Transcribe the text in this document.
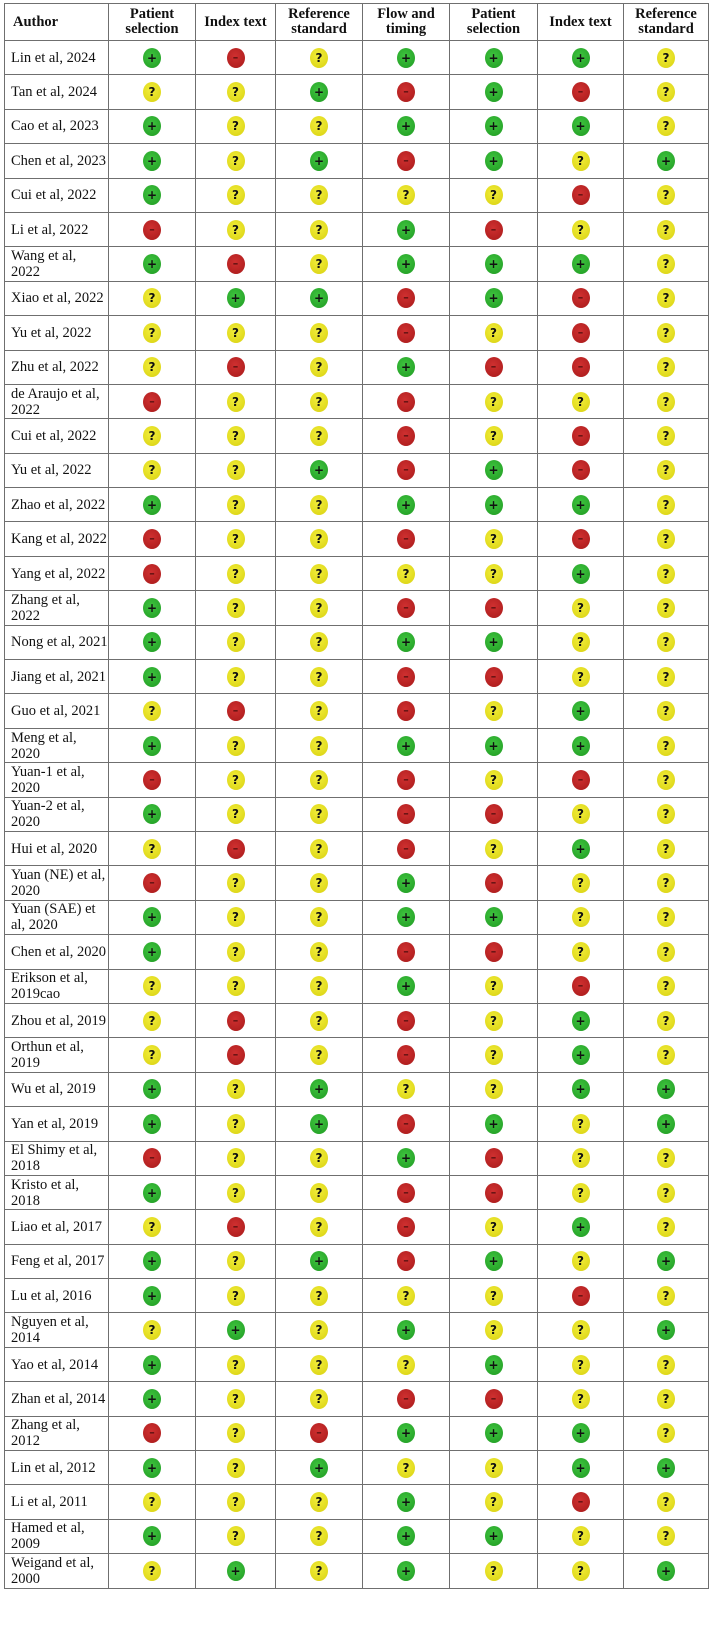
Author	Patient selection	Index text	Reference standard	Flow and timing	Patient selection	Index text	Reference standard
Lin et al, 2024	+	–	?	+	+	+	?
Tan et al, 2024	?	?	+	–	+	–	?
Cao et al, 2023	+	?	?	+	+	+	?
Chen et al, 2023	+	?	+	–	+	?	+
Cui et al, 2022	+	?	?	?	?	–	?
Li et al, 2022	–	?	?	+	–	?	?
Wang et al, 2022	+	–	?	+	+	+	?
Xiao et al, 2022	?	+	+	–	+	–	?
Yu et al, 2022	?	?	?	–	?	–	?
Zhu et al, 2022	?	–	?	+	–	–	?
de Araujo et al, 2022	–	?	?	–	?	?	?
Cui et al, 2022	?	?	?	–	?	–	?
Yu et al, 2022	?	?	+	–	+	–	?
Zhao et al, 2022	+	?	?	+	+	+	?
Kang et al, 2022	–	?	?	–	?	–	?
Yang et al, 2022	–	?	?	?	?	+	?
Zhang et al, 2022	+	?	?	–	–	?	?
Nong et al, 2021	+	?	?	+	+	?	?
Jiang et al, 2021	+	?	?	–	–	?	?
Guo et al, 2021	?	–	?	–	?	+	?
Meng et al, 2020	+	?	?	+	+	+	?
Yuan-1 et al, 2020	–	?	?	–	?	–	?
Yuan-2 et al, 2020	+	?	?	–	–	?	?
Hui et al, 2020	?	–	?	–	?	+	?
Yuan (NE) et al, 2020	–	?	?	+	–	?	?
Yuan (SAE) et al, 2020	+	?	?	+	+	?	?
Chen et al, 2020	+	?	?	–	–	?	?
Erikson et al, 2019cao	?	?	?	+	?	–	?
Zhou et al, 2019	?	–	?	–	?	+	?
Orthun et al, 2019	?	–	?	–	?	+	?
Wu et al, 2019	+	?	+	?	?	+	+
Yan et al, 2019	+	?	+	–	+	?	+
El Shimy et al, 2018	–	?	?	+	–	?	?
Kristo et al, 2018	+	?	?	–	–	?	?
Liao et al, 2017	?	–	?	–	?	+	?
Feng et al, 2017	+	?	+	–	+	?	+
Lu et al, 2016	+	?	?	?	?	–	?
Nguyen et al, 2014	?	+	?	+	?	?	+
Yao et al, 2014	+	?	?	?	+	?	?
Zhan et al, 2014	+	?	?	–	–	?	?
Zhang et al, 2012	–	?	–	+	+	+	?
Lin et al, 2012	+	?	+	?	?	+	+
Li et al, 2011	?	?	?	+	?	–	?
Hamed et al, 2009	+	?	?	+	+	?	?
Weigand et al, 2000	?	+	?	+	?	?	+
